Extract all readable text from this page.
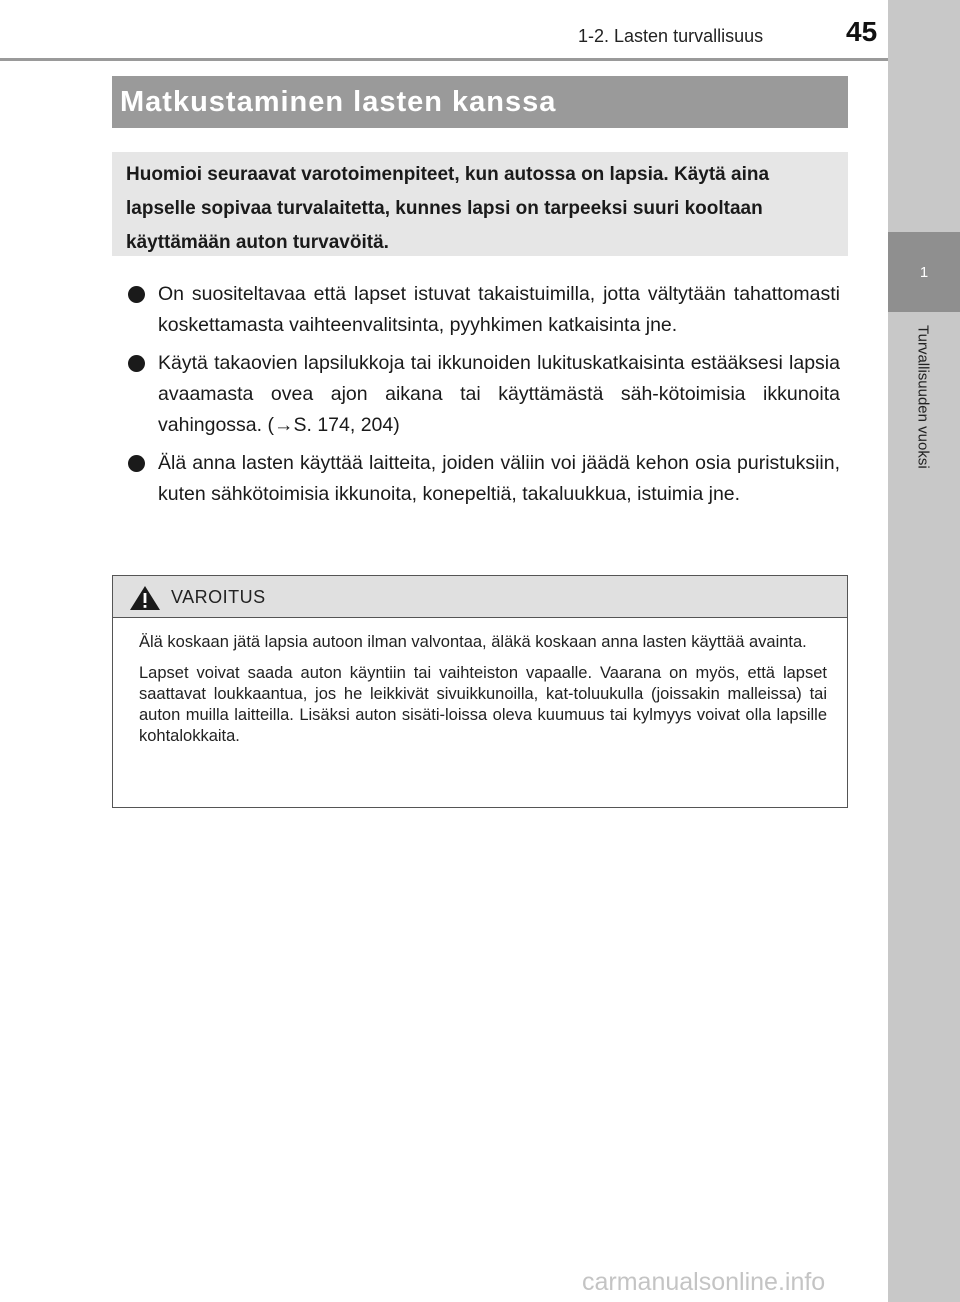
1
Turvallisuuden vuoksi
1-2. Lasten turvallisuus	45
Matkustaminen lasten kanssa
Huomioi seuraavat varotoimenpiteet, kun autossa on lapsia. Käytä aina lapselle sopivaa turvalaitetta, kunnes lapsi on tarpeeksi suuri kooltaan käyttämään auton turvavöitä.
On suositeltavaa että lapset istuvat takaistuimilla, jotta vältytään tahattomasti koskettamasta vaihteenvalitsinta, pyyhkimen katkaisinta jne.
Käytä takaovien lapsilukkoja tai ikkunoiden lukituskatkaisinta estääksesi lapsia avaamasta ovea ajon aikana tai käyttämästä säh-kötoimisia ikkunoita vahingossa. (→S. 174, 204)
Älä anna lasten käyttää laitteita, joiden väliin voi jäädä kehon osia puristuksiin, kuten sähkötoimisia ikkunoita, konepeltiä, takaluukkua, istuimia jne.
VAROITUS

Älä koskaan jätä lapsia autoon ilman valvontaa, äläkä koskaan anna lasten käyttää avainta.

Lapset voivat saada auton käyntiin tai vaihteiston vapaalle. Vaarana on myös, että lapset saattavat loukkaantua, jos he leikkivät sivuikkunoilla, kat-toluukulla (joissakin malleissa) tai auton muilla laitteilla. Lisäksi auton sisäti-loissa oleva kuumuus tai kylmyys voivat olla lapsille kohtalokkaita.

carmanualsonline.info
